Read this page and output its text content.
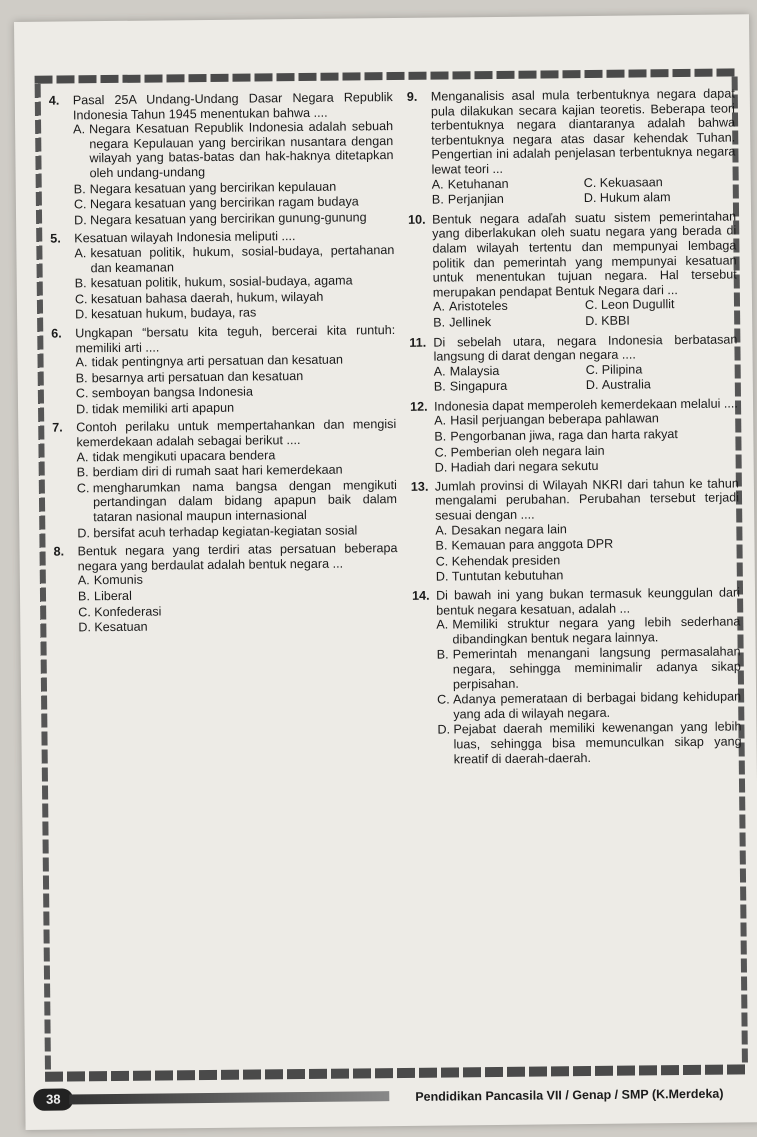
4.	Pasal 25A Undang-Undang Dasar Negara Republik Indonesia Tahun 1945 menentukan bahwa ....
A. Negara Kesatuan Republik Indonesia adalah sebuah negara Kepulauan yang bercirikan nusantara dengan wilayah yang batas-batas dan hak-haknya ditetapkan oleh undang-undang
B. Negara kesatuan yang bercirikan kepulauan
C. Negara kesatuan yang bercirikan ragam budaya
D. Negara kesatuan yang bercirikan gunung-gunung
5.	Kesatuan wilayah Indonesia meliputi ....
A. kesatuan politik, hukum, sosial-budaya, pertahanan dan keamanan
B. kesatuan politik, hukum, sosial-budaya, agama
C. kesatuan bahasa daerah, hukum, wilayah
D. kesatuan hukum, budaya, ras
6.	Ungkapan “bersatu kita teguh, bercerai kita runtuh: memiliki arti ....
A. tidak pentingnya arti persatuan dan kesatuan
B. besarnya arti persatuan dan kesatuan
C. semboyan bangsa Indonesia
D. tidak memiliki arti apapun
7.	Contoh perilaku untuk mempertahankan dan mengisi kemerdekaan adalah sebagai berikut ....
A. tidak mengikuti upacara bendera
B. berdiam diri di rumah saat hari kemerdekaan
C. mengharumkan nama bangsa dengan mengikuti pertandingan dalam bidang apapun baik dalam tataran nasional maupun internasional
D. bersifat acuh terhadap kegiatan-kegiatan sosial
8.	Bentuk negara yang terdiri atas persatuan beberapa negara yang berdaulat adalah bentuk negara ...
A. Komunis
B. Liberal
C. Konfederasi
D. Kesatuan
9.	Menganalisis asal mula terbentuknya negara dapat pula dilakukan secara kajian teoretis. Beberapa teori terbentuknya negara diantaranya adalah bahwa terbentuknya negara atas dasar kehendak Tuhan. Pengertian ini adalah penjelasan terbentuknya negara lewat teori ...
A. Ketuhanan	C. Kekuasaan
B. Perjanjian	D. Hukum alam
10. Bentuk negara adaľah suatu sistem pemerintahan yang diberlakukan oleh suatu negara yang berada di dalam wilayah tertentu dan mempunyai lembaga politik dan pemerintah yang mempunyai kesatuan untuk menentukan tujuan negara. Hal tersebut merupakan pendapat Bentuk Negara dari ...
A. Aristoteles	C. Leon Dugullit
B. Jellinek	D. KBBI
11. Di sebelah utara, negara Indonesia berbatasan langsung di darat dengan negara ....
A. Malaysia	C. Pilipina
B. Singapura	D. Australia
12. Indonesia dapat memperoleh kemerdekaan melalui ....
A. Hasil perjuangan beberapa pahlawan
B. Pengorbanan jiwa, raga dan harta rakyat
C. Pemberian oleh negara lain
D. Hadiah dari negara sekutu
13. Jumlah provinsi di Wilayah NKRI dari tahun ke tahun mengalami perubahan. Perubahan tersebut terjadi sesuai dengan ....
A. Desakan negara lain
B. Kemauan para anggota DPR
C. Kehendak presiden
D. Tuntutan kebutuhan
14. Di bawah ini yang bukan termasuk keunggulan dari bentuk negara kesatuan, adalah ...
A. Memiliki struktur negara yang lebih sederhana dibandingkan bentuk negara lainnya.
B. Pemerintah menangani langsung permasalahan negara, sehingga meminimalir adanya sikap perpisahan.
C. Adanya pemerataan di berbagai bidang kehidupan yang ada di wilayah negara.
D. Pejabat daerah memiliki kewenangan yang lebih luas, sehingga bisa memunculkan sikap yang kreatif di daerah-daerah.
38	Pendidikan Pancasila VII / Genap / SMP (K.Merdeka)
